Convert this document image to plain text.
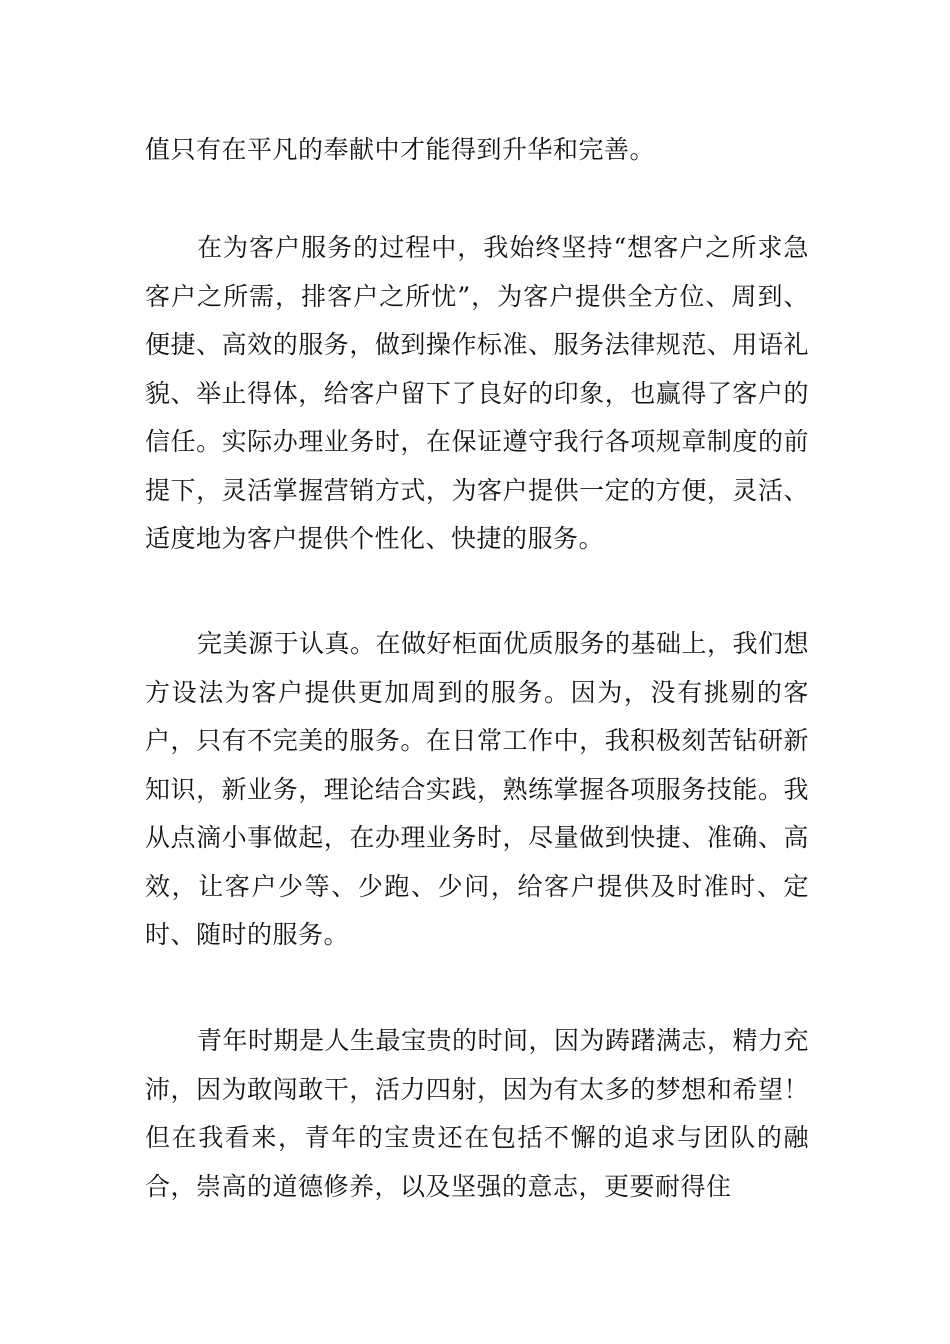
值只有在平凡的奉献中才能得到升华和完善。

在为客户服务的过程中，我始终坚持“想客户之所求急客户之所需，排客户之所忧”，为客户提供全方位、周到、便捷、高效的服务，做到操作标准、服务法律规范、用语礼貌、举止得体，给客户留下了良好的印象，也赢得了客户的信任。实际办理业务时，在保证遵守我行各项规章制度的前提下，灵活掌握营销方式，为客户提供一定的方便，灵活、适度地为客户提供个性化、快捷的服务。

完美源于认真。在做好柜面优质服务的基础上，我们想方设法为客户提供更加周到的服务。因为，没有挑剔的客户，只有不完美的服务。在日常工作中，我积极刻苦钻研新知识，新业务，理论结合实践，熟练掌握各项服务技能。我从点滴小事做起，在办理业务时，尽量做到快捷、准确、高效，让客户少等、少跑、少问，给客户提供及时准时、定时、随时的服务。

青年时期是人生最宝贵的时间，因为踌躇满志，精力充沛，因为敢闯敢干，活力四射，因为有太多的梦想和希望！但在我看来，青年的宝贵还在包括不懈的追求与团队的融合，崇高的道德修养，以及坚强的意志，更要耐得住
